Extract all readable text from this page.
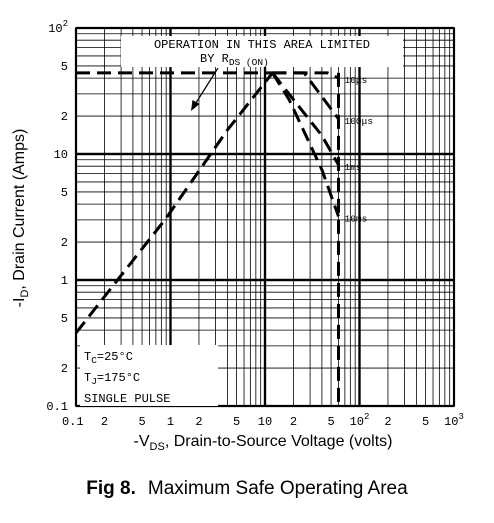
10μs
100μs
1ms
10ms
0.1 2	5 1 2	5 10 2	5 $10^2$ 2	5 $10^3$
0.1
2
5
1
2
5
10
2
5
$10^2$
OPERATION IN THIS AREA LIMITED
BY $R_{DS (ON)}$
$T_C=25^\circ C$
$T_J=175^\circ C$
SINGLE PULSE
$-V_{DS}$, Drain-to-Source Voltage (volts)
$-I_D$, Drain Current (Amps)
Fig 8. Maximum Safe Operating Area
